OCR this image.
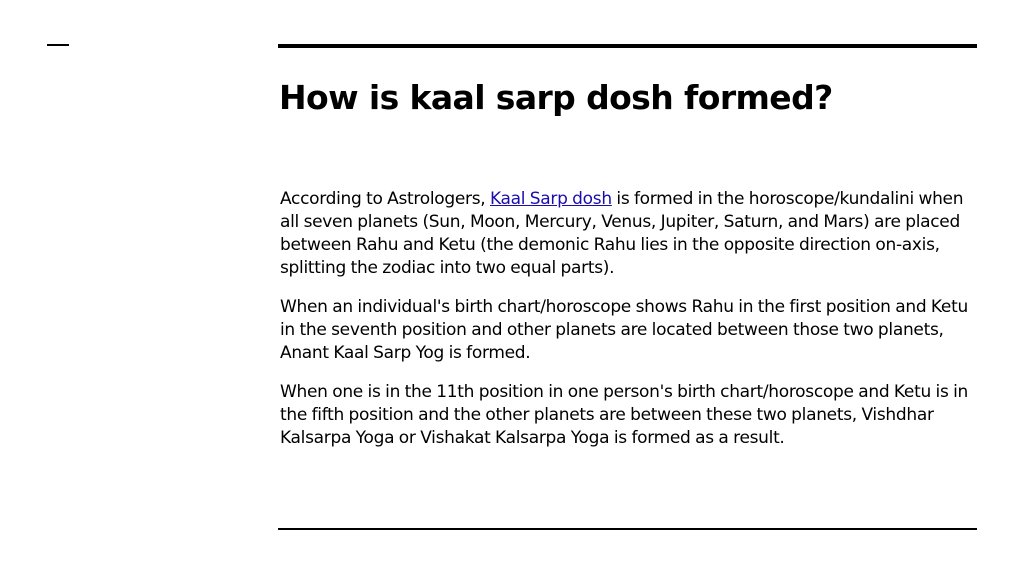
How is kaal sarp dosh formed?

According to Astrologers, Kaal Sarp dosh is formed in the horoscope/kundalini when all seven planets (Sun, Moon, Mercury, Venus, Jupiter, Saturn, and Mars) are placed between Rahu and Ketu (the demonic Rahu lies in the opposite direction on-axis, splitting the zodiac into two equal parts).

When an individual's birth chart/horoscope shows Rahu in the first position and Ketu in the seventh position and other planets are located between those two planets, Anant Kaal Sarp Yog is formed.

When one is in the 11th position in one person's birth chart/horoscope and Ketu is in the fifth position and the other planets are between these two planets, Vishdhar Kalsarpa Yoga or Vishakat Kalsarpa Yoga is formed as a result.
